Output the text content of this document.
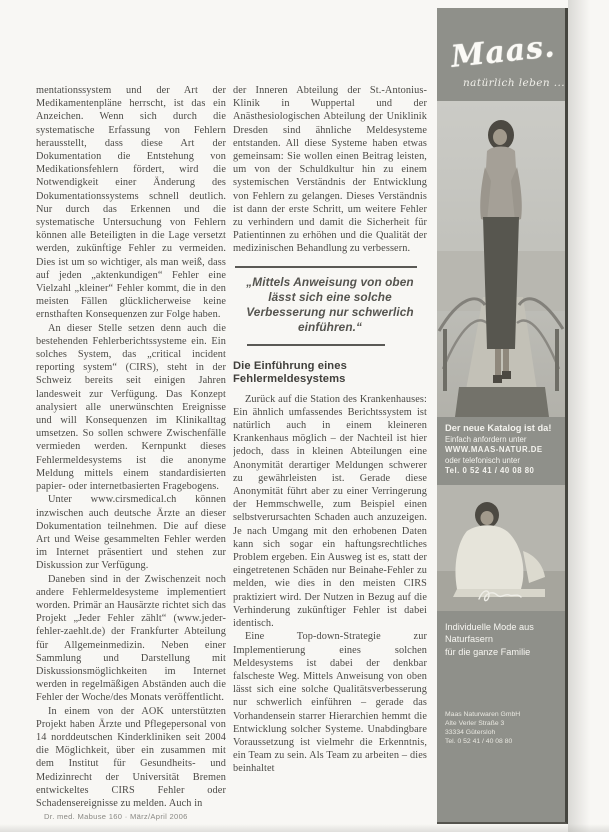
mentationssystem und der Art der Medikamentenpläne herrscht, ist das ein Anzeichen. Wenn sich durch die systematische Erfassung von Fehlern herausstellt, dass diese Art der Dokumentation die Entstehung von Medikationsfehlern fördert, wird die Notwendigkeit einer Änderung des Dokumentationssystems schnell deutlich. Nur durch das Erkennen und die systematische Untersuchung von Fehlern können alle Beteiligten in die Lage versetzt werden, zukünftige Fehler zu vermeiden. Dies ist um so wichtiger, als man weiß, dass auf jeden „aktenkundigen“ Fehler eine Vielzahl „kleiner“ Fehler kommt, die in den meisten Fällen glücklicherweise keine ernsthaften Konsequenzen zur Folge haben.

An dieser Stelle setzen denn auch die bestehenden Fehlerberichtssysteme ein. Ein solches System, das „critical incident reporting system“ (CIRS), steht in der Schweiz bereits seit einigen Jahren landesweit zur Verfügung. Das Konzept analysiert alle unerwünschten Ereignisse und will Konsequenzen im Klinikalltag umsetzen. So sollen schwere Zwischenfälle vermieden werden. Kernpunkt dieses Fehlermeldesystems ist die anonyme Meldung mittels einem standardisierten papier- oder internetbasierten Fragebogens.

Unter www.cirsmedical.ch können inzwischen auch deutsche Ärzte an dieser Dokumentation teilnehmen. Die auf diese Art und Weise gesammelten Fehler werden im Internet präsentiert und stehen zur Diskussion zur Verfügung.

Daneben sind in der Zwischenzeit noch andere Fehlermeldesysteme implementiert worden. Primär an Hausärzte richtet sich das Projekt „Jeder Fehler zählt“ (www.jeder-fehler-zaehlt.de) der Frankfurter Abteilung für Allgemeinmedizin. Neben einer Sammlung und Darstellung mit Diskussionsmöglichkeiten im Internet werden in regelmäßigen Abständen auch die Fehler der Woche/des Monats veröffentlicht.

In einem von der AOK unterstützten Projekt haben Ärzte und Pflegepersonal von 14 norddeutschen Kinderkliniken seit 2004 die Möglichkeit, über ein zusammen mit dem Institut für Gesundheits- und Medizinrecht der Universität Bremen entwickeltes CIRS Fehler oder Schadensereignisse zu melden. Auch in

der Inneren Abteilung der St.-Antonius-Klinik in Wuppertal und der Anästhesiologischen Abteilung der Uniklinik Dresden sind ähnliche Meldesysteme entstanden. All diese Systeme haben etwas gemeinsam: Sie wollen einen Beitrag leisten, um von der Schuldkultur hin zu einem systemischen Verständnis der Entwicklung von Fehlern zu gelangen. Dieses Verständnis ist dann der erste Schritt, um weitere Fehler zu verhindern und damit die Sicherheit für Patientinnen zu erhöhen und die Qualität der medizinischen Behandlung zu verbessern.

„Mittels Anweisung von oben lässt sich eine solche Verbesserung nur schwerlich einführen.“

Die Einführung eines Fehlermeldesystems

Zurück auf die Station des Krankenhauses: Ein ähnlich umfassendes Berichtssystem ist natürlich auch in einem kleineren Krankenhaus möglich – der Nachteil ist hier jedoch, dass in kleinen Abteilungen eine Anonymität derartiger Meldungen schwerer zu gewährleisten ist. Gerade diese Anonymität führt aber zu einer Verringerung der Hemmschwelle, zum Beispiel einen selbstverursachten Schaden auch anzuzeigen. Je nach Umgang mit den erhobenen Daten kann sich sogar ein haftungsrechtliches Problem ergeben. Ein Ausweg ist es, statt der eingetretenen Schäden nur Beinahe-Fehler zu melden, wie dies in den meisten CIRS praktiziert wird. Der Nutzen in Bezug auf die Verhinderung zukünftiger Fehler ist dabei identisch.

Eine Top-down-Strategie zur Implementierung eines solchen Meldesystems ist dabei der denkbar falscheste Weg. Mittels Anweisung von oben lässt sich eine solche Qualitätsverbesserung nur schwerlich einführen – gerade das Vorhandensein starrer Hierarchien hemmt die Entwicklung solcher Systeme. Unabdingbare Voraussetzung ist vielmehr die Erkenntnis, ein Team zu sein. Als Team zu arbeiten – dies beinhaltet

Dr. med. Mabuse 160 · März/April 2006
Maas.
natürlich leben ...
Der neue Katalog ist da!
Einfach anfordern unter
WWW.MAAS-NATUR.DE
oder telefonisch unter
Tel. 0 52 41 / 40 08 80
Individuelle Mode aus
Naturfasern
für die ganze Familie
Maas Naturwaren GmbH
Alte Verler Straße 3
33334 Gütersloh
Tel. 0 52 41 / 40 08 80
